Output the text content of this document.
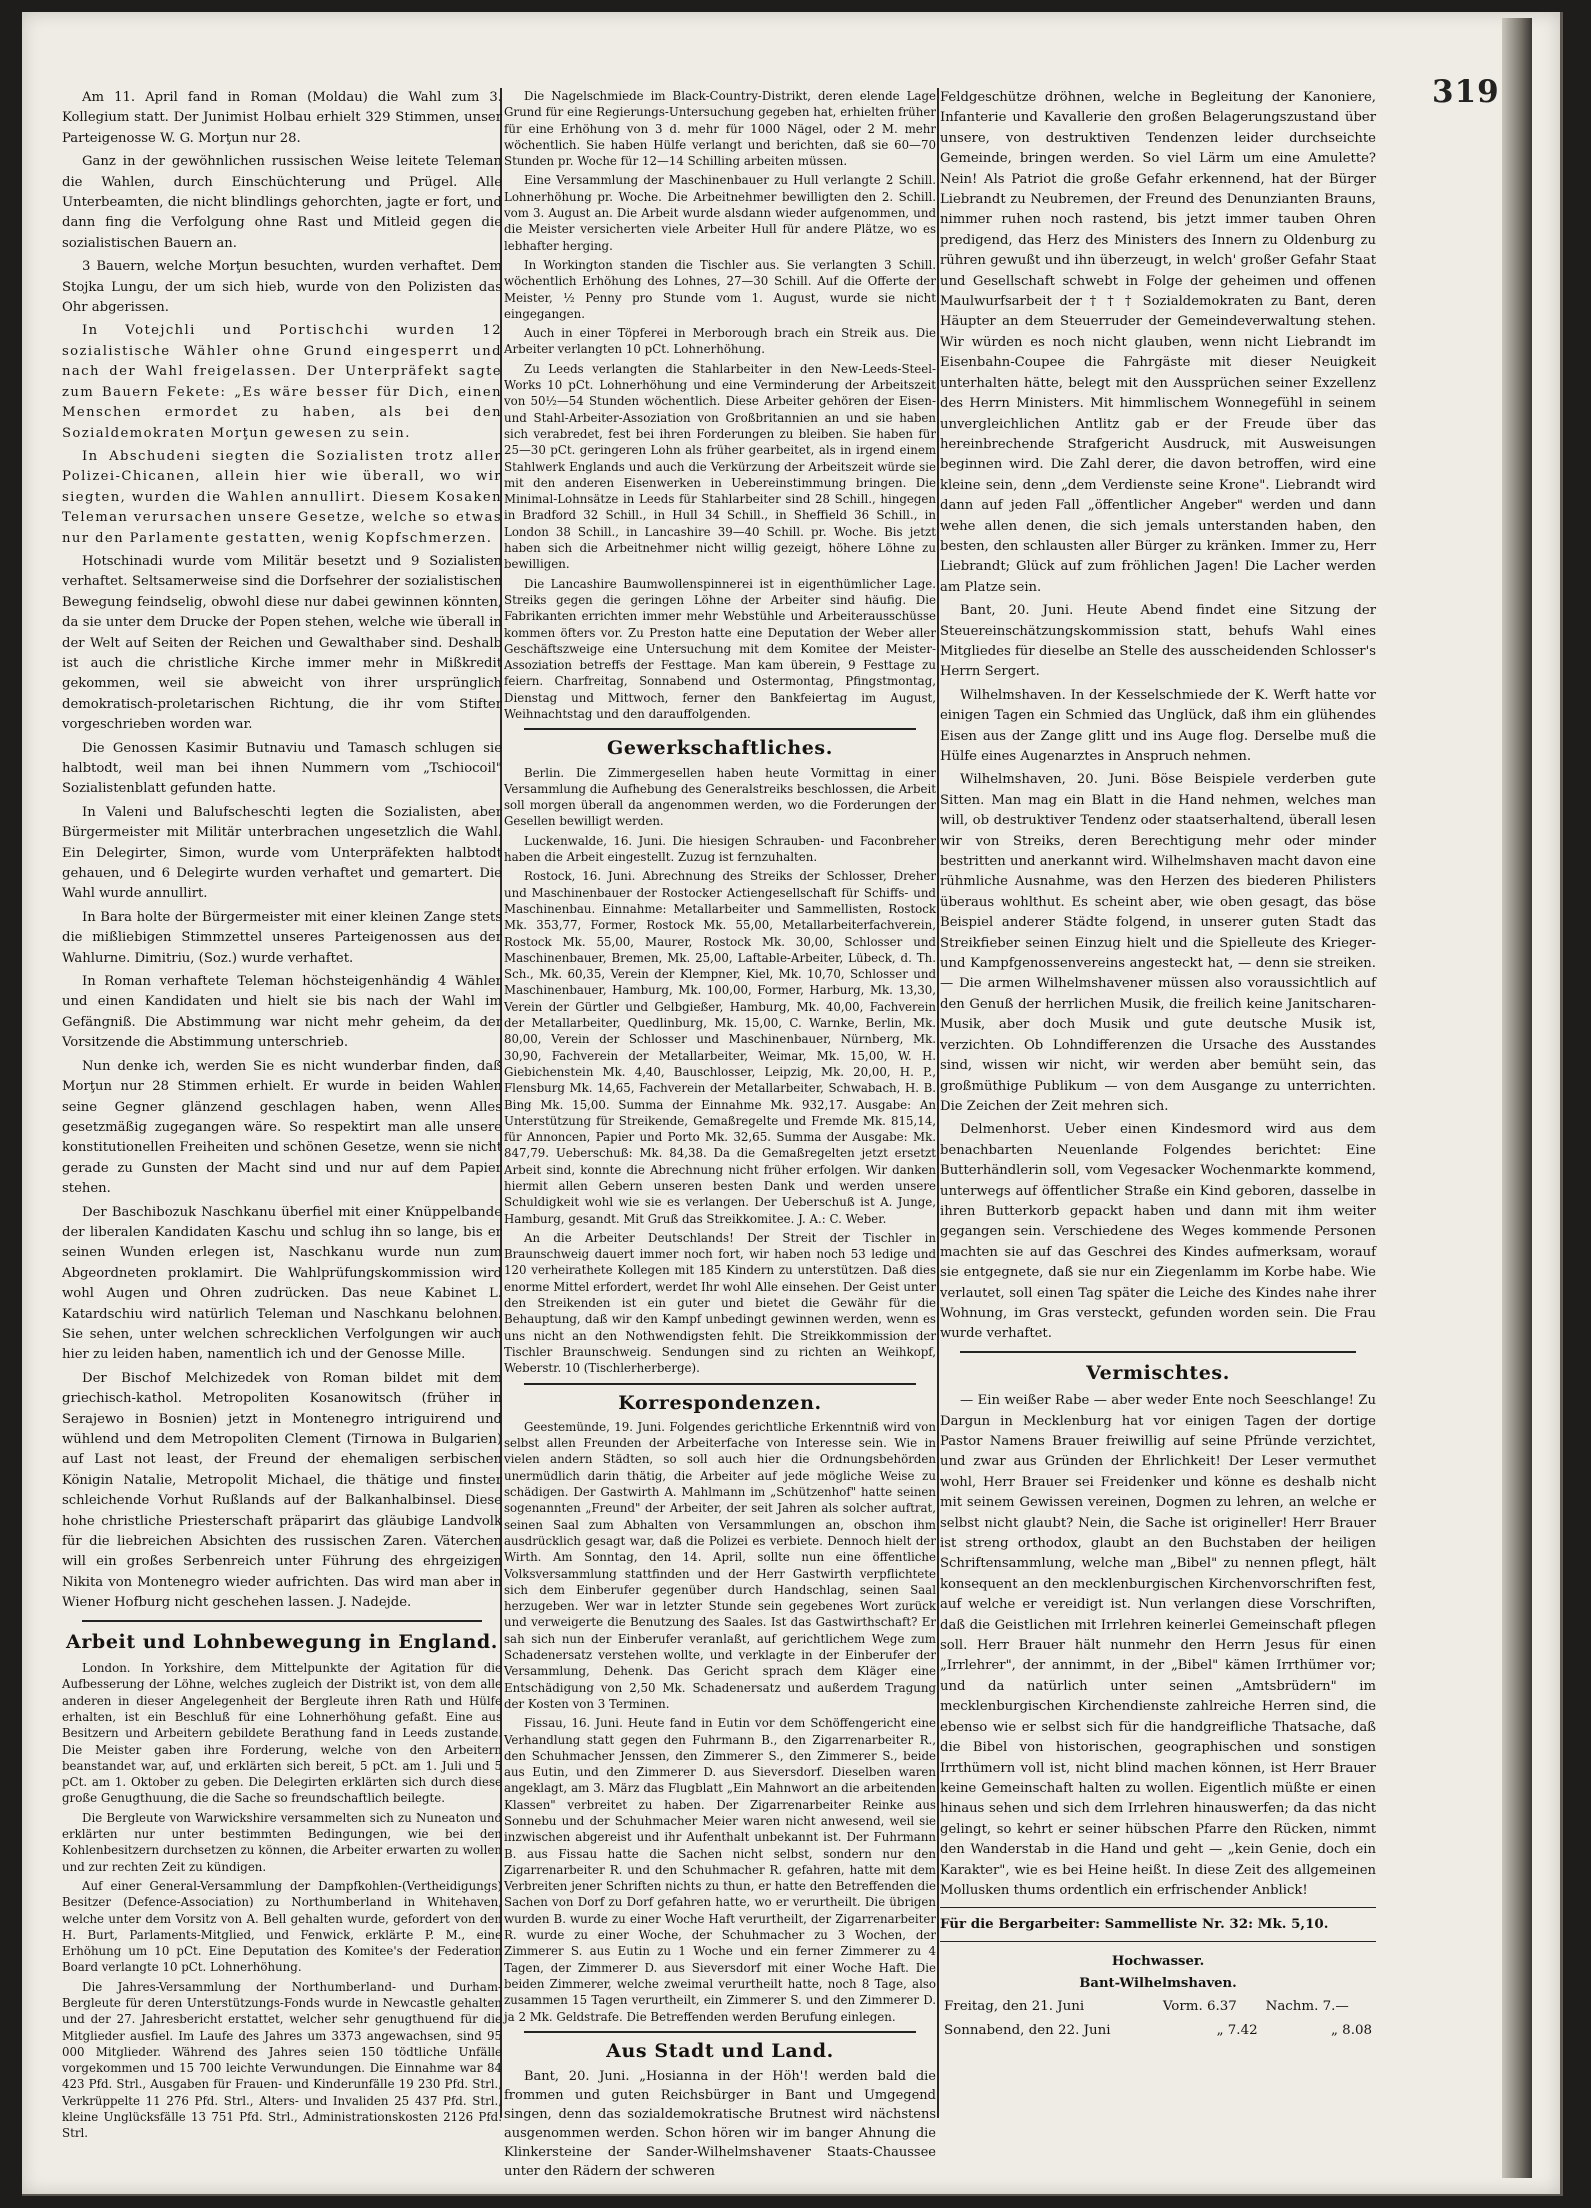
319

Am 11. April fand in Roman (Moldau) die Wahl zum 3. Kollegium statt. Der Junimist Holbau erhielt 329 Stimmen, unser Parteigenosse W. G. Morţun nur 28.

Ganz in der gewöhnlichen russischen Weise leitete Teleman die Wahlen, durch Einschüchterung und Prügel. Alle Unterbeamten, die nicht blindlings gehorchten, jagte er fort, und dann fing die Verfolgung ohne Rast und Mitleid gegen die sozialistischen Bauern an.

3 Bauern, welche Morţun besuchten, wurden verhaftet. Dem Stojka Lungu, der um sich hieb, wurde von den Polizisten das Ohr abgerissen.

In Votejchli und Portischchi wurden 12 sozialistische Wähler ohne Grund eingesperrt und nach der Wahl freigelassen. Der Unterpräfekt sagte zum Bauern Fekete: „Es wäre besser für Dich, einen Menschen ermordet zu haben, als bei den Sozialdemokraten Morţun gewesen zu sein.

In Abschudeni siegten die Sozialisten trotz aller Polizei-Chicanen, allein hier wie überall, wo wir siegten, wurden die Wahlen annullirt. Diesem Kosaken Teleman verursachen unsere Gesetze, welche so etwas nur den Parlamente gestatten, wenig Kopfschmerzen.

Hotschinadi wurde vom Militär besetzt und 9 Sozialisten verhaftet. Seltsamerweise sind die Dorfsehrer der sozialistischen Bewegung feindselig, obwohl diese nur dabei gewinnen könnten, da sie unter dem Drucke der Popen stehen, welche wie überall in der Welt auf Seiten der Reichen und Gewalthaber sind. Deshalb ist auch die christliche Kirche immer mehr in Mißkredit gekommen, weil sie abweicht von ihrer ursprünglich demokratisch-proletarischen Richtung, die ihr vom Stifter vorgeschrieben worden war.

Die Genossen Kasimir Butnaviu und Tamasch schlugen sie halbtodt, weil man bei ihnen Nummern vom „Tschiocoil" Sozialistenblatt gefunden hatte.

In Valeni und Balufscheschti legten die Sozialisten, aber Bürgermeister mit Militär unterbrachen ungesetzlich die Wahl. Ein Delegirter, Simon, wurde vom Unterpräfekten halbtodt gehauen, und 6 Delegirte wurden verhaftet und gemartert. Die Wahl wurde annullirt.

In Bara holte der Bürgermeister mit einer kleinen Zange stets die mißliebigen Stimmzettel unseres Parteigenossen aus der Wahlurne. Dimitriu, (Soz.) wurde verhaftet.

In Roman verhaftete Teleman höchsteigenhändig 4 Wähler und einen Kandidaten und hielt sie bis nach der Wahl im Gefängniß. Die Abstimmung war nicht mehr geheim, da der Vorsitzende die Abstimmung unterschrieb.

Nun denke ich, werden Sie es nicht wunderbar finden, daß Morţun nur 28 Stimmen erhielt. Er wurde in beiden Wahlen seine Gegner glänzend geschlagen haben, wenn Alles gesetzmäßig zugegangen wäre. So respektirt man alle unsere konstitutionellen Freiheiten und schönen Gesetze, wenn sie nicht gerade zu Gunsten der Macht sind und nur auf dem Papier stehen.

Der Baschibozuk Naschkanu überfiel mit einer Knüppelbande der liberalen Kandidaten Kaschu und schlug ihn so lange, bis er seinen Wunden erlegen ist, Naschkanu wurde nun zum Abgeordneten proklamirt. Die Wahlprüfungskommission wird wohl Augen und Ohren zudrücken. Das neue Kabinet L. Katardschiu wird natürlich Teleman und Naschkanu belohnen. Sie sehen, unter welchen schrecklichen Verfolgungen wir auch hier zu leiden haben, namentlich ich und der Genosse Mille.

Der Bischof Melchizedek von Roman bildet mit dem griechisch-kathol. Metropoliten Kosanowitsch (früher in Serajewo in Bosnien) jetzt in Montenegro intriguirend und wühlend und dem Metropoliten Clement (Tirnowa in Bulgarien) auf Last not least, der Freund der ehemaligen serbischen Königin Natalie, Metropolit Michael, die thätige und finster schleichende Vorhut Rußlands auf der Balkanhalbinsel. Diese hohe christliche Priesterschaft präparirt das gläubige Landvolk für die liebreichen Absichten des russischen Zaren. Väterchen will ein großes Serbenreich unter Führung des ehrgeizigen Nikita von Montenegro wieder aufrichten. Das wird man aber in Wiener Hofburg nicht geschehen lassen. J. Nadejde.

Arbeit und Lohnbewegung in England.

London. In Yorkshire, dem Mittelpunkte der Agitation für die Aufbesserung der Löhne, welches zugleich der Distrikt ist, von dem alle anderen in dieser Angelegenheit der Bergleute ihren Rath und Hülfe erhalten, ist ein Beschluß für eine Lohnerhöhung gefaßt. Eine aus Besitzern und Arbeitern gebildete Berathung fand in Leeds zustande. Die Meister gaben ihre Forderung, welche von den Arbeitern beanstandet war, auf, und erklärten sich bereit, 5 pCt. am 1. Juli und 5 pCt. am 1. Oktober zu geben. Die Delegirten erklärten sich durch diese große Genugthuung, die die Sache so freundschaftlich beilegte.

Die Bergleute von Warwickshire versammelten sich zu Nuneaton und erklärten nur unter bestimmten Bedingungen, wie bei den Kohlenbesitzern durchsetzen zu können, die Arbeiter erwarten zu wollen und zur rechten Zeit zu kündigen.

Auf einer General-Versammlung der Dampfkohlen-(Vertheidigungs) Besitzer (Defence-Association) zu Northumberland in Whitehaven, welche unter dem Vorsitz von A. Bell gehalten wurde, gefordert von den H. Burt, Parlaments-Mitglied, und Fenwick, erklärte P. M., eine Erhöhung um 10 pCt. Eine Deputation des Komitee's der Federation Board verlangte 10 pCt. Lohnerhöhung.

Die Jahres-Versammlung der Northumberland- und Durham-Bergleute für deren Unterstützungs-Fonds wurde in Newcastle gehalten und der 27. Jahresbericht erstattet, welcher sehr genugthuend für die Mitglieder ausfiel. Im Laufe des Jahres um 3373 angewachsen, sind 95 000 Mitglieder. Während des Jahres seien 150 tödtliche Unfälle vorgekommen und 15 700 leichte Verwundungen. Die Einnahme war 84 423 Pfd. Strl., Ausgaben für Frauen- und Kinderunfälle 19 230 Pfd. Strl., Verkrüppelte 11 276 Pfd. Strl., Alters- und Invaliden 25 437 Pfd. Strl., kleine Unglücksfälle 13 751 Pfd. Strl., Administrationskosten 2126 Pfd. Strl.

Die Nagelschmiede im Black-Country-Distrikt, deren elende Lage Grund für eine Regierungs-Untersuchung gegeben hat, erhielten früher für eine Erhöhung von 3 d. mehr für 1000 Nägel, oder 2 M. mehr wöchentlich. Sie haben Hülfe verlangt und berichten, daß sie 60—70 Stunden pr. Woche für 12—14 Schilling arbeiten müssen.

Eine Versammlung der Maschinenbauer zu Hull verlangte 2 Schill. Lohnerhöhung pr. Woche. Die Arbeitnehmer bewilligten den 2. Schill. vom 3. August an. Die Arbeit wurde alsdann wieder aufgenommen, und die Meister versicherten viele Arbeiter Hull für andere Plätze, wo es lebhafter herging.

In Workington standen die Tischler aus. Sie verlangten 3 Schill. wöchentlich Erhöhung des Lohnes, 27—30 Schill. Auf die Offerte der Meister, ½ Penny pro Stunde vom 1. August, wurde sie nicht eingegangen.

Auch in einer Töpferei in Merborough brach ein Streik aus. Die Arbeiter verlangten 10 pCt. Lohnerhöhung.

Zu Leeds verlangten die Stahlarbeiter in den New-Leeds-Steel-Works 10 pCt. Lohnerhöhung und eine Verminderung der Arbeitszeit von 50½—54 Stunden wöchentlich. Diese Arbeiter gehören der Eisen- und Stahl-Arbeiter-Assoziation von Großbritannien an und sie haben sich verabredet, fest bei ihren Forderungen zu bleiben. Sie haben für 25—30 pCt. geringeren Lohn als früher gearbeitet, als in irgend einem Stahlwerk Englands und auch die Verkürzung der Arbeitszeit würde sie mit den anderen Eisenwerken in Uebereinstimmung bringen. Die Minimal-Lohnsätze in Leeds für Stahlarbeiter sind 28 Schill., hingegen in Bradford 32 Schill., in Hull 34 Schill., in Sheffield 36 Schill., in London 38 Schill., in Lancashire 39—40 Schill. pr. Woche. Bis jetzt haben sich die Arbeitnehmer nicht willig gezeigt, höhere Löhne zu bewilligen.

Die Lancashire Baumwollenspinnerei ist in eigenthümlicher Lage. Streiks gegen die geringen Löhne der Arbeiter sind häufig. Die Fabrikanten errichten immer mehr Webstühle und Arbeiterausschüsse kommen öfters vor. Zu Preston hatte eine Deputation der Weber aller Geschäftszweige eine Untersuchung mit dem Komitee der Meister-Assoziation betreffs der Festtage. Man kam überein, 9 Festtage zu feiern. Charfreitag, Sonnabend und Ostermontag, Pfingstmontag, Dienstag und Mittwoch, ferner den Bankfeiertag im August, Weihnachtstag und den darauffolgenden.

Gewerkschaftliches.

Berlin. Die Zimmergesellen haben heute Vormittag in einer Versammlung die Aufhebung des Generalstreiks beschlossen, die Arbeit soll morgen überall da angenommen werden, wo die Forderungen der Gesellen bewilligt werden.

Luckenwalde, 16. Juni. Die hiesigen Schrauben- und Faconbreher haben die Arbeit eingestellt. Zuzug ist fernzuhalten.

Rostock, 16. Juni. Abrechnung des Streiks der Schlosser, Dreher und Maschinenbauer der Rostocker Actiengesellschaft für Schiffs- und Maschinenbau. Einnahme: Metallarbeiter und Sammellisten, Rostock Mk. 353,77, Former, Rostock Mk. 55,00, Metallarbeiterfachverein, Rostock Mk. 55,00, Maurer, Rostock Mk. 30,00, Schlosser und Maschinenbauer, Bremen, Mk. 25,00, Laftable-Arbeiter, Lübeck, d. Th. Sch., Mk. 60,35, Verein der Klempner, Kiel, Mk. 10,70, Schlosser und Maschinenbauer, Hamburg, Mk. 100,00, Former, Harburg, Mk. 13,30, Verein der Gürtler und Gelbgießer, Hamburg, Mk. 40,00, Fachverein der Metallarbeiter, Quedlinburg, Mk. 15,00, C. Warnke, Berlin, Mk. 80,00, Verein der Schlosser und Maschinenbauer, Nürnberg, Mk. 30,90, Fachverein der Metallarbeiter, Weimar, Mk. 15,00, W. H. Giebichenstein Mk. 4,40, Bauschlosser, Leipzig, Mk. 20,00, H. P., Flensburg Mk. 14,65, Fachverein der Metallarbeiter, Schwabach, H. B. Bing Mk. 15,00. Summa der Einnahme Mk. 932,17. Ausgabe: An Unterstützung für Streikende, Gemaßregelte und Fremde Mk. 815,14, für Annoncen, Papier und Porto Mk. 32,65. Summa der Ausgabe: Mk. 847,79. Ueberschuß: Mk. 84,38. Da die Gemaßregelten jetzt ersetzt Arbeit sind, konnte die Abrechnung nicht früher erfolgen. Wir danken hiermit allen Gebern unseren besten Dank und werden unsere Schuldigkeit wohl wie sie es verlangen. Der Ueberschuß ist A. Junge, Hamburg, gesandt. Mit Gruß das Streikkomitee. J. A.: C. Weber.

An die Arbeiter Deutschlands! Der Streit der Tischler in Braunschweig dauert immer noch fort, wir haben noch 53 ledige und 120 verheirathete Kollegen mit 185 Kindern zu unterstützen. Daß dies enorme Mittel erfordert, werdet Ihr wohl Alle einsehen. Der Geist unter den Streikenden ist ein guter und bietet die Gewähr für die Behauptung, daß wir den Kampf unbedingt gewinnen werden, wenn es uns nicht an den Nothwendigsten fehlt. Die Streikkommission der Tischler Braunschweig. Sendungen sind zu richten an Weihkopf, Weberstr. 10 (Tischlerherberge).

Korrespondenzen.

Geestemünde, 19. Juni. Folgendes gerichtliche Erkenntniß wird von selbst allen Freunden der Arbeiterfache von Interesse sein. Wie in vielen andern Städten, so soll auch hier die Ordnungsbehörden unermüdlich darin thätig, die Arbeiter auf jede mögliche Weise zu schädigen. Der Gastwirth A. Mahlmann im „Schützenhof" hatte seinen sogenannten „Freund" der Arbeiter, der seit Jahren als solcher auftrat, seinen Saal zum Abhalten von Versammlungen an, obschon ihm ausdrücklich gesagt war, daß die Polizei es verbiete. Dennoch hielt der Wirth. Am Sonntag, den 14. April, sollte nun eine öffentliche Volksversammlung stattfinden und der Herr Gastwirth verpflichtete sich dem Einberufer gegenüber durch Handschlag, seinen Saal herzugeben. Wer war in letzter Stunde sein gegebenes Wort zurück und verweigerte die Benutzung des Saales. Ist das Gastwirthschaft? Er sah sich nun der Einberufer veranlaßt, auf gerichtlichem Wege zum Schadenersatz verstehen wollte, und verklagte in der Einberufer der Versammlung, Dehenk. Das Gericht sprach dem Kläger eine Entschädigung von 2,50 Mk. Schadenersatz und außerdem Tragung der Kosten von 3 Terminen.

Fissau, 16. Juni. Heute fand in Eutin vor dem Schöffengericht eine Verhandlung statt gegen den Fuhrmann B., den Zigarrenarbeiter R., den Schuhmacher Jenssen, den Zimmerer S., den Zimmerer S., beide aus Eutin, und den Zimmerer D. aus Sieversdorf. Dieselben waren angeklagt, am 3. März das Flugblatt „Ein Mahnwort an die arbeitenden Klassen" verbreitet zu haben. Der Zigarrenarbeiter Reinke aus Sonnebu und der Schuhmacher Meier waren nicht anwesend, weil sie inzwischen abgereist und ihr Aufenthalt unbekannt ist. Der Fuhrmann B. aus Fissau hatte die Sachen nicht selbst, sondern nur den Zigarrenarbeiter R. und den Schuhmacher R. gefahren, hatte mit dem Verbreiten jener Schriften nichts zu thun, er hatte den Betreffenden die Sachen von Dorf zu Dorf gefahren hatte, wo er verurtheilt. Die übrigen wurden B. wurde zu einer Woche Haft verurtheilt, der Zigarrenarbeiter R. wurde zu einer Woche, der Schuhmacher zu 3 Wochen, der Zimmerer S. aus Eutin zu 1 Woche und ein ferner Zimmerer zu 4 Tagen, der Zimmerer D. aus Sieversdorf mit einer Woche Haft. Die beiden Zimmerer, welche zweimal verurtheilt hatte, noch 8 Tage, also zusammen 15 Tagen verurtheilt, ein Zimmerer S. und den Zimmerer D. ja 2 Mk. Geldstrafe. Die Betreffenden werden Berufung einlegen.

Aus Stadt und Land.

Bant, 20. Juni. „Hosianna in der Höh'! werden bald die frommen und guten Reichsbürger in Bant und Umgegend singen, denn das sozialdemokratische Brutnest wird nächstens ausgenommen werden. Schon hören wir im banger Ahnung die Klinkersteine der Sander-Wilhelmshavener Staats-Chaussee unter den Rädern der schweren

Feldgeschütze dröhnen, welche in Begleitung der Kanoniere, Infanterie und Kavallerie den großen Belagerungszustand über unsere, von destruktiven Tendenzen leider durchseichte Gemeinde, bringen werden. So viel Lärm um eine Amulette? Nein! Als Patriot die große Gefahr erkennend, hat der Bürger Liebrandt zu Neubremen, der Freund des Denunzianten Brauns, nimmer ruhen noch rastend, bis jetzt immer tauben Ohren predigend, das Herz des Ministers des Innern zu Oldenburg zu rühren gewußt und ihn überzeugt, in welch' großer Gefahr Staat und Gesellschaft schwebt in Folge der geheimen und offenen Maulwurfsarbeit der † † † Sozialdemokraten zu Bant, deren Häupter an dem Steuerruder der Gemeindeverwaltung stehen. Wir würden es noch nicht glauben, wenn nicht Liebrandt im Eisenbahn-Coupee die Fahrgäste mit dieser Neuigkeit unterhalten hätte, belegt mit den Aussprüchen seiner Exzellenz des Herrn Ministers. Mit himmlischem Wonnegefühl in seinem unvergleichlichen Antlitz gab er der Freude über das hereinbrechende Strafgericht Ausdruck, mit Ausweisungen beginnen wird. Die Zahl derer, die davon betroffen, wird eine kleine sein, denn „dem Verdienste seine Krone". Liebrandt wird dann auf jeden Fall „öffentlicher Angeber" werden und dann wehe allen denen, die sich jemals unterstanden haben, den besten, den schlausten aller Bürger zu kränken. Immer zu, Herr Liebrandt; Glück auf zum fröhlichen Jagen! Die Lacher werden am Platze sein.

Bant, 20. Juni. Heute Abend findet eine Sitzung der Steuereinschätzungskommission statt, behufs Wahl eines Mitgliedes für dieselbe an Stelle des ausscheidenden Schlosser's Herrn Sergert.

Wilhelmshaven. In der Kesselschmiede der K. Werft hatte vor einigen Tagen ein Schmied das Unglück, daß ihm ein glühendes Eisen aus der Zange glitt und ins Auge flog. Derselbe muß die Hülfe eines Augenarztes in Anspruch nehmen.

Wilhelmshaven, 20. Juni. Böse Beispiele verderben gute Sitten. Man mag ein Blatt in die Hand nehmen, welches man will, ob destruktiver Tendenz oder staatserhaltend, überall lesen wir von Streiks, deren Berechtigung mehr oder minder bestritten und anerkannt wird. Wilhelmshaven macht davon eine rühmliche Ausnahme, was den Herzen des biederen Philisters überaus wohlthut. Es scheint aber, wie oben gesagt, das böse Beispiel anderer Städte folgend, in unserer guten Stadt das Streikfieber seinen Einzug hielt und die Spielleute des Krieger- und Kampfgenossenvereins angesteckt hat, — denn sie streiken. — Die armen Wilhelmshavener müssen also voraussichtlich auf den Genuß der herrlichen Musik, die freilich keine Janitscharen-Musik, aber doch Musik und gute deutsche Musik ist, verzichten. Ob Lohndifferenzen die Ursache des Ausstandes sind, wissen wir nicht, wir werden aber bemüht sein, das großmüthige Publikum — von dem Ausgange zu unterrichten. Die Zeichen der Zeit mehren sich.

Delmenhorst. Ueber einen Kindesmord wird aus dem benachbarten Neuenlande Folgendes berichtet: Eine Butterhändlerin soll, vom Vegesacker Wochenmarkte kommend, unterwegs auf öffentlicher Straße ein Kind geboren, dasselbe in ihren Butterkorb gepackt haben und dann mit ihm weiter gegangen sein. Verschiedene des Weges kommende Personen machten sie auf das Geschrei des Kindes aufmerksam, worauf sie entgegnete, daß sie nur ein Ziegenlamm im Korbe habe. Wie verlautet, soll einen Tag später die Leiche des Kindes nahe ihrer Wohnung, im Gras versteckt, gefunden worden sein. Die Frau wurde verhaftet.

Vermischtes.

— Ein weißer Rabe — aber weder Ente noch Seeschlange! Zu Dargun in Mecklenburg hat vor einigen Tagen der dortige Pastor Namens Brauer freiwillig auf seine Pfründe verzichtet, und zwar aus Gründen der Ehrlichkeit! Der Leser vermuthet wohl, Herr Brauer sei Freidenker und könne es deshalb nicht mit seinem Gewissen vereinen, Dogmen zu lehren, an welche er selbst nicht glaubt? Nein, die Sache ist origineller! Herr Brauer ist streng orthodox, glaubt an den Buchstaben der heiligen Schriftensammlung, welche man „Bibel" zu nennen pflegt, hält konsequent an den mecklenburgischen Kirchenvorschriften fest, auf welche er vereidigt ist. Nun verlangen diese Vorschriften, daß die Geistlichen mit Irrlehren keinerlei Gemeinschaft pflegen soll. Herr Brauer hält nunmehr den Herrn Jesus für einen „Irrlehrer", der annimmt, in der „Bibel" kämen Irrthümer vor; und da natürlich unter seinen „Amtsbrüdern" im mecklenburgischen Kirchendienste zahlreiche Herren sind, die ebenso wie er selbst sich für die handgreifliche Thatsache, daß die Bibel von historischen, geographischen und sonstigen Irrthümern voll ist, nicht blind machen können, ist Herr Brauer keine Gemeinschaft halten zu wollen. Eigentlich müßte er einen hinaus sehen und sich dem Irrlehren hinauswerfen; da das nicht gelingt, so kehrt er seiner hübschen Pfarre den Rücken, nimmt den Wanderstab in die Hand und geht — „kein Genie, doch ein Karakter", wie es bei Heine heißt. In diese Zeit des allgemeinen Mollusken thums ordentlich ein erfrischender Anblick!

Für die Bergarbeiter: Sammelliste Nr. 32: Mk. 5,10.
Hochwasser.
Bant-Wilhelmshaven.
Freitag, den 21. Juni	Vorm. 6.37	Nachm. 7.—
Sonnabend, den 22. Juni	„ 7.42	„ 8.08
